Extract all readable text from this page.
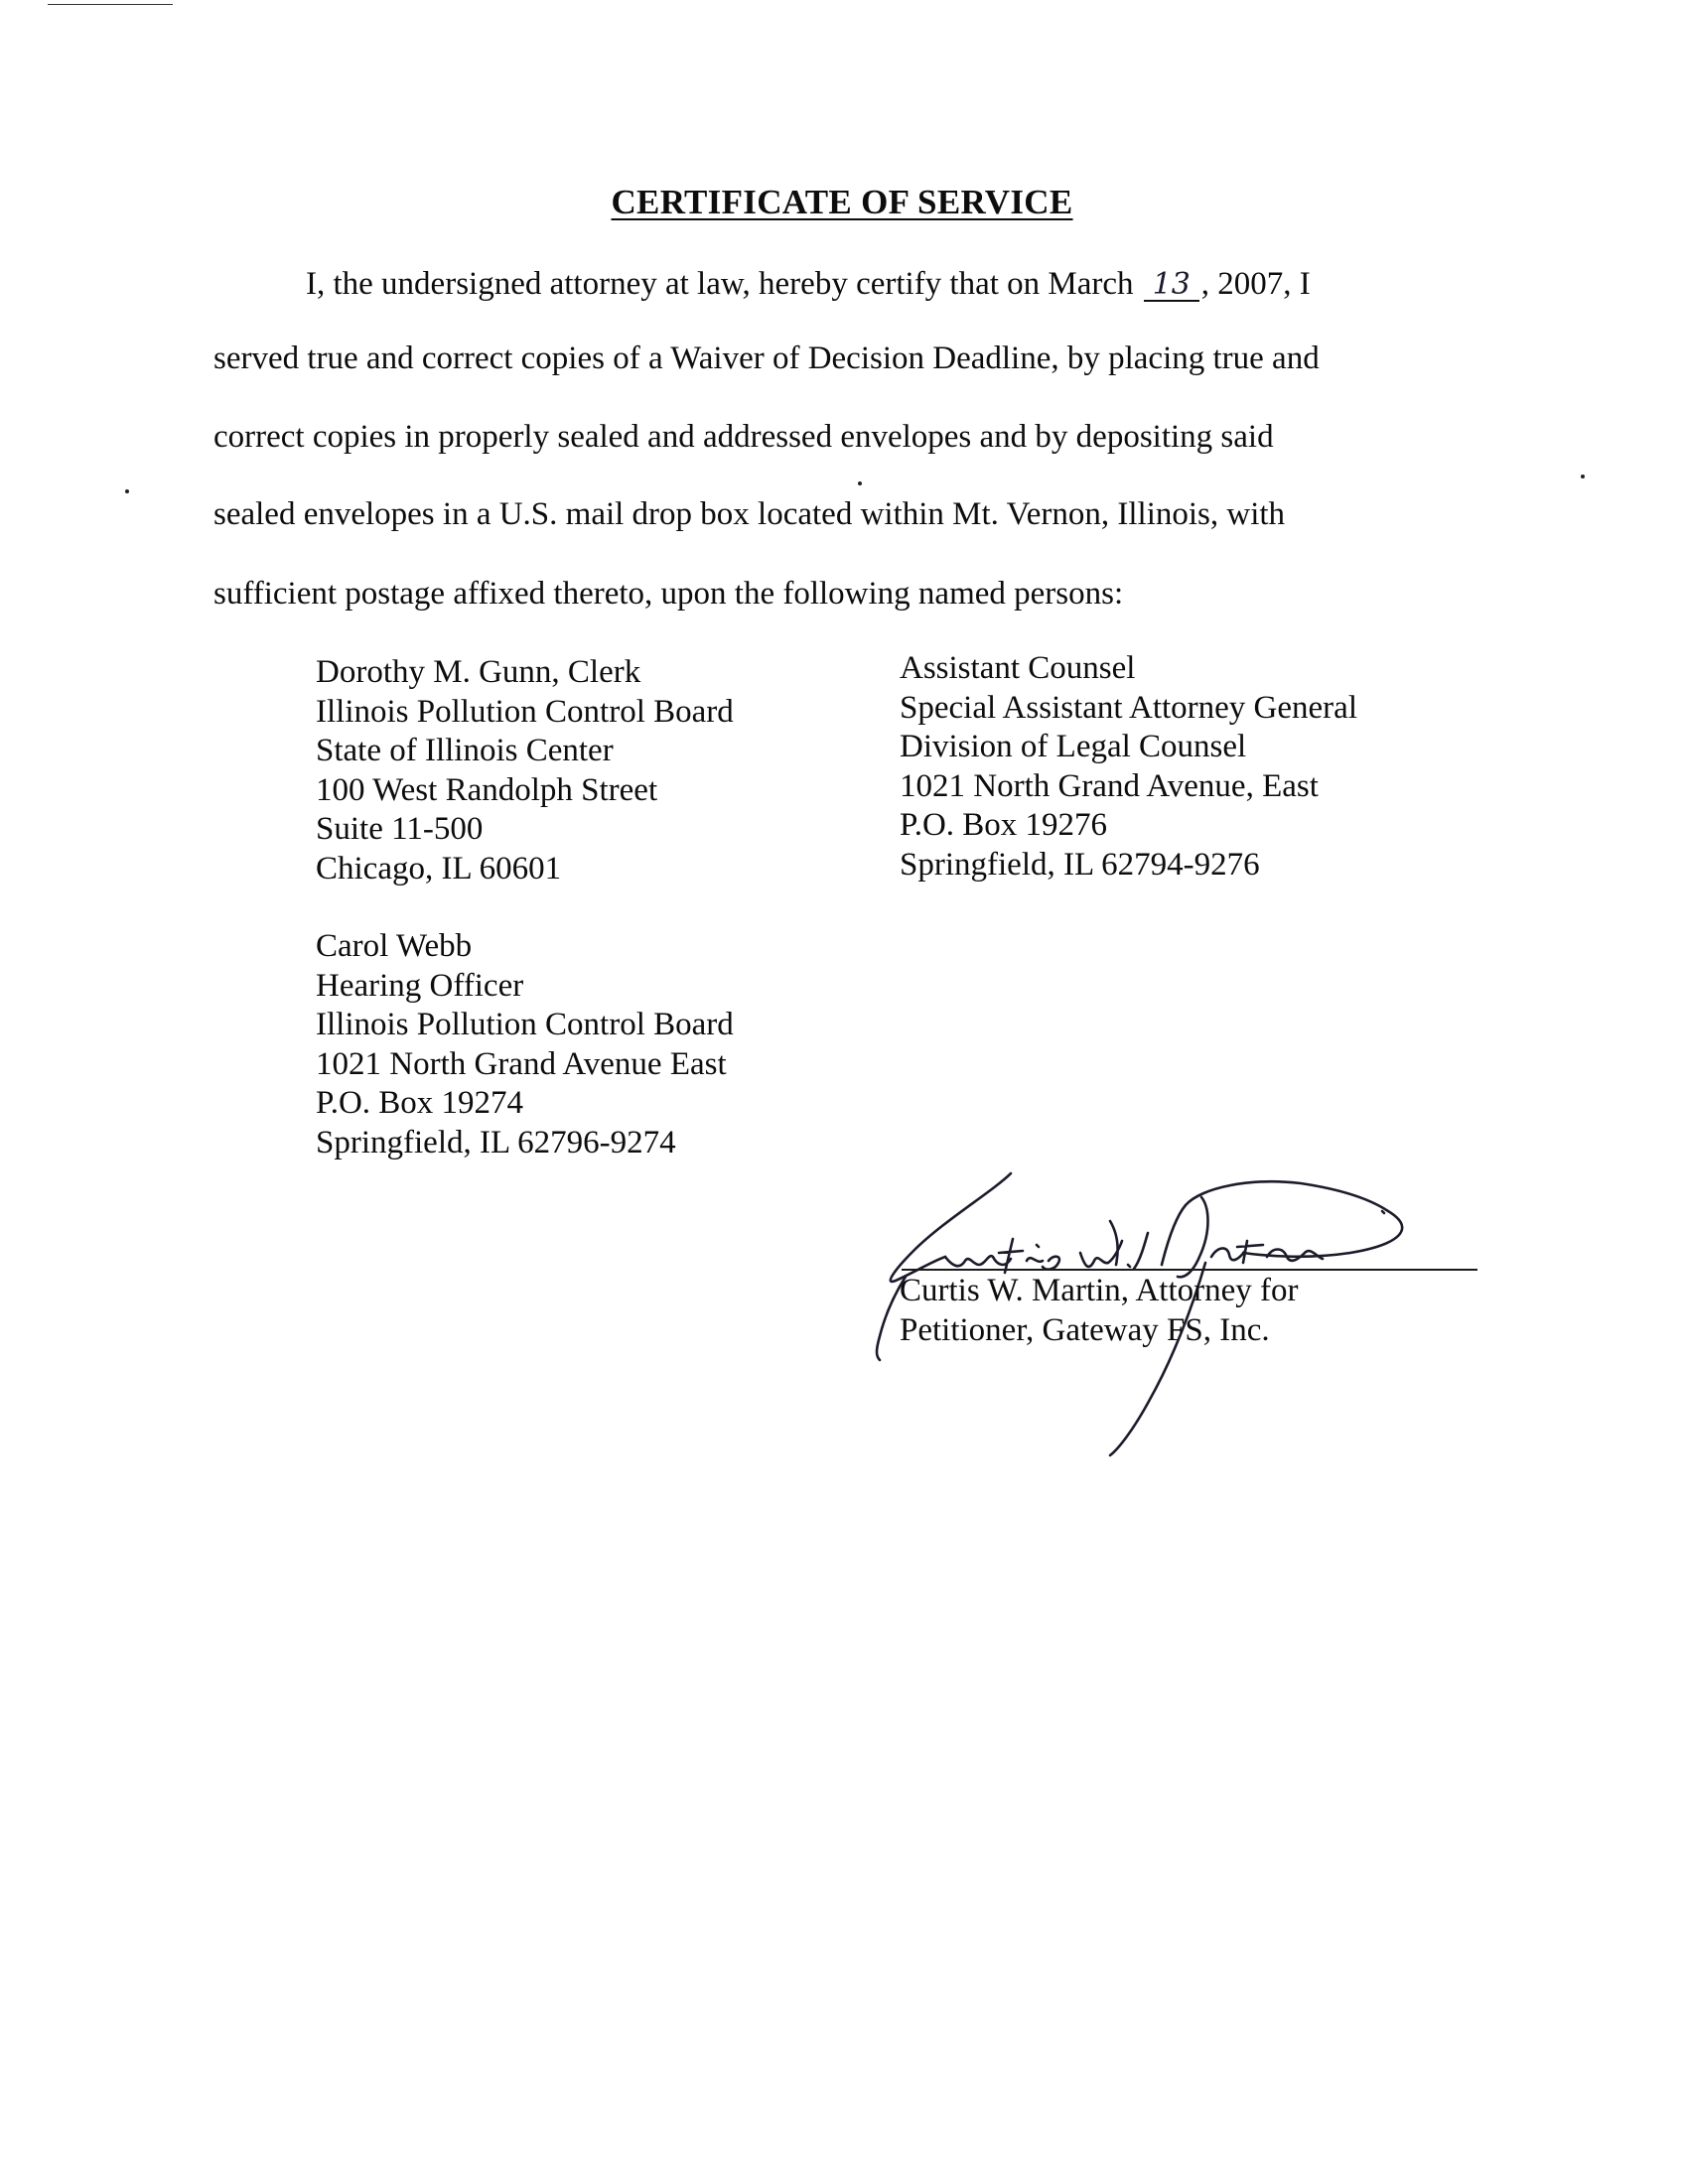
CERTIFICATE OF SERVICE
I, the undersigned attorney at law, hereby certify that on March 13 , 2007, I
served true and correct copies of a Waiver of Decision Deadline, by placing true and
correct copies in properly sealed and addressed envelopes and by depositing said
sealed envelopes in a U.S. mail drop box located within Mt. Vernon, Illinois, with
sufficient postage affixed thereto, upon the following named persons:
Dorothy M. Gunn, Clerk
Illinois Pollution Control Board
State of Illinois Center
100 West Randolph Street
Suite 11-500
Chicago, IL 60601
Assistant Counsel
Special Assistant Attorney General
Division of Legal Counsel
1021 North Grand Avenue, East
P.O. Box 19276
Springfield, IL 62794-9276
Carol Webb
Hearing Officer
Illinois Pollution Control Board
1021 North Grand Avenue East
P.O. Box 19274
Springfield, IL 62796-9274
Curtis W. Martin, Attorney for
Petitioner, Gateway FS, Inc.
